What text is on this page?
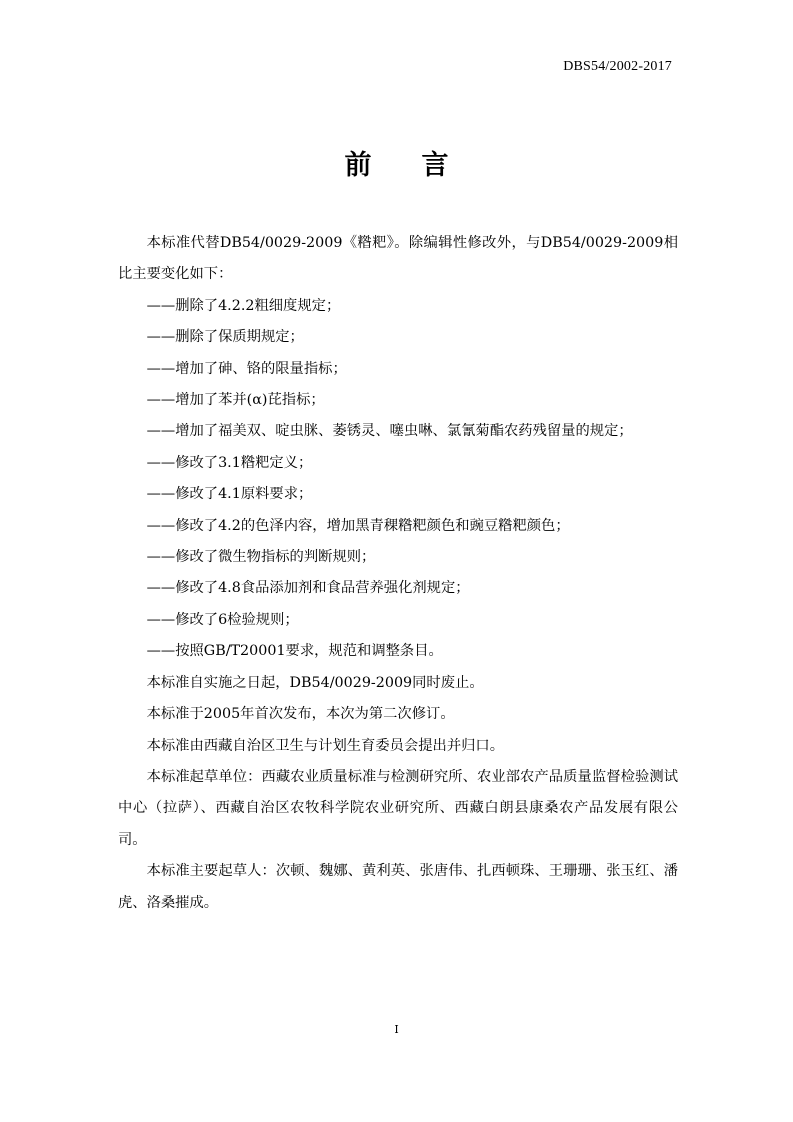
DBS54/2002-2017
前 言

本标准代替DB54/0029-2009《糌粑》。除编辑性修改外，与DB54/0029-2009相比主要变化如下：

——删除了4.2.2粗细度规定；

——删除了保质期规定；

——增加了砷、铬的限量指标；

——增加了苯并(α)芘指标；

——增加了福美双、啶虫脒、萎锈灵、噻虫啉、氯氰菊酯农药残留量的规定；

——修改了3.1糌粑定义；

——修改了4.1原料要求；

——修改了4.2的色泽内容，增加黑青稞糌粑颜色和豌豆糌粑颜色；

——修改了微生物指标的判断规则；

——修改了4.8食品添加剂和食品营养强化剂规定；

——修改了6检验规则；

——按照GB/T20001要求，规范和调整条目。

本标准自实施之日起，DB54/0029-2009同时废止。

本标准于2005年首次发布，本次为第二次修订。

本标准由西藏自治区卫生与计划生育委员会提出并归口。

本标准起草单位：西藏农业质量标准与检测研究所、农业部农产品质量监督检验测试中心（拉萨）、西藏自治区农牧科学院农业研究所、西藏白朗县康桑农产品发展有限公司。

本标准主要起草人：次顿、魏娜、黄利英、张唐伟、扎西顿珠、王珊珊、张玉红、潘虎、洛桑摧成。

I
